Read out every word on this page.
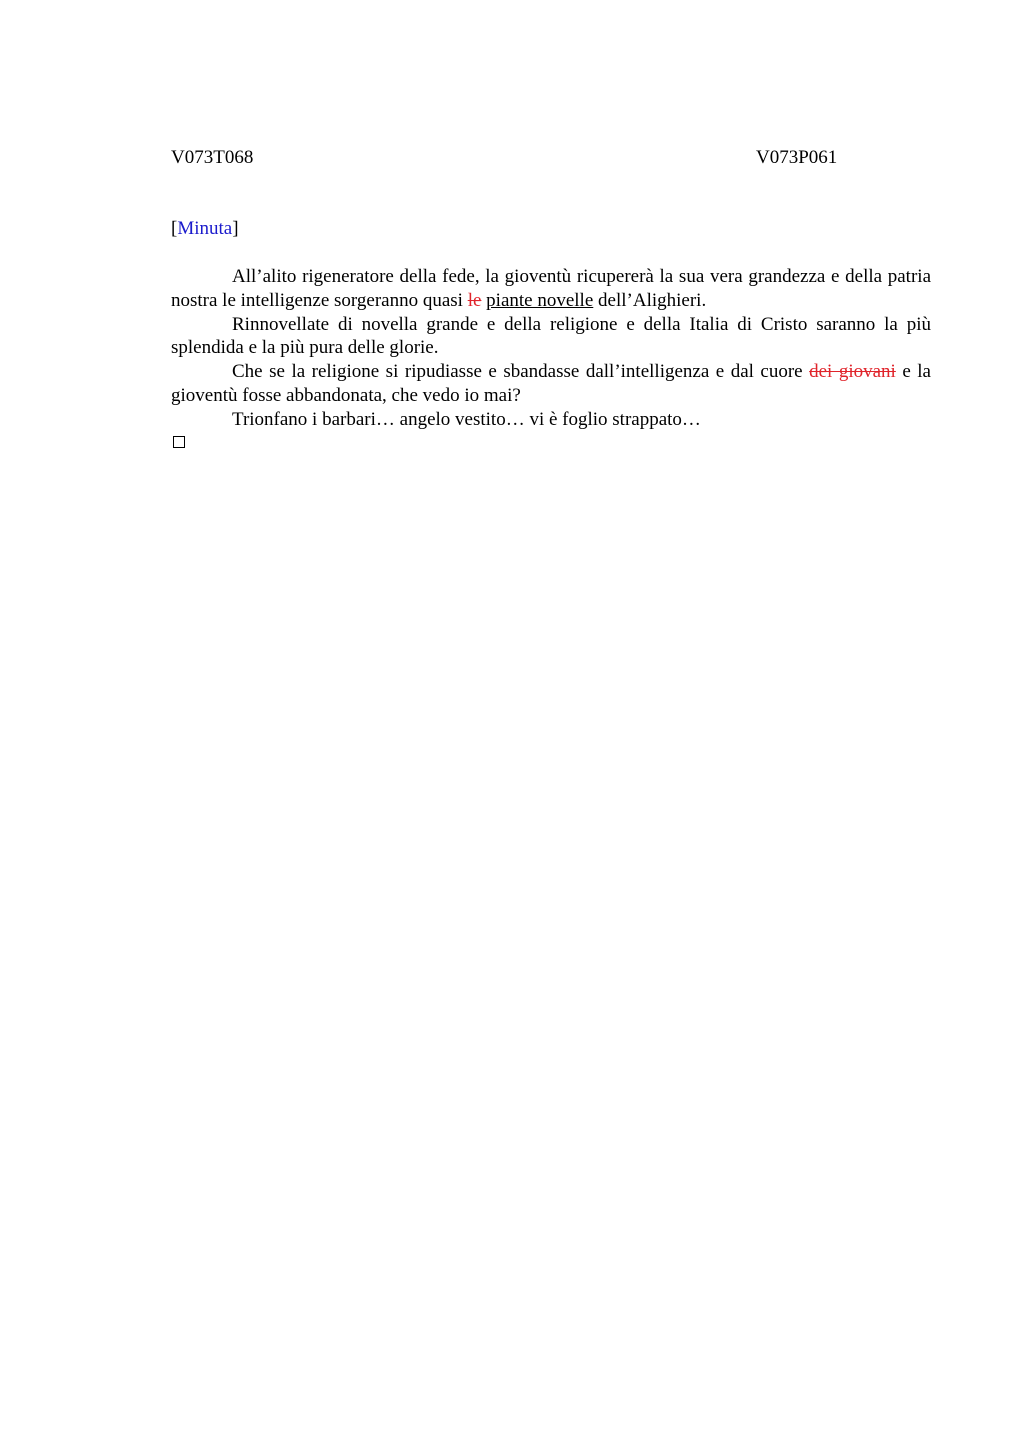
V073T068	V073P061
[Minuta]

All’alito rigeneratore della fede, la gioventù ricupererà la sua vera grandezza e della patria nostra le intelligenze sorgeranno quasi le piante novelle dell’Alighieri.

Rinnovellate di novella grande e della religione e della Italia di Cristo saranno la più splendida e la più pura delle glorie.

Che se la religione si ripudiasse e sbandasse dall’intelligenza e dal cuore dei giovani e la gioventù fosse abbandonata, che vedo io mai?

Trionfano i barbari… angelo vestito… vi è foglio strappato…
